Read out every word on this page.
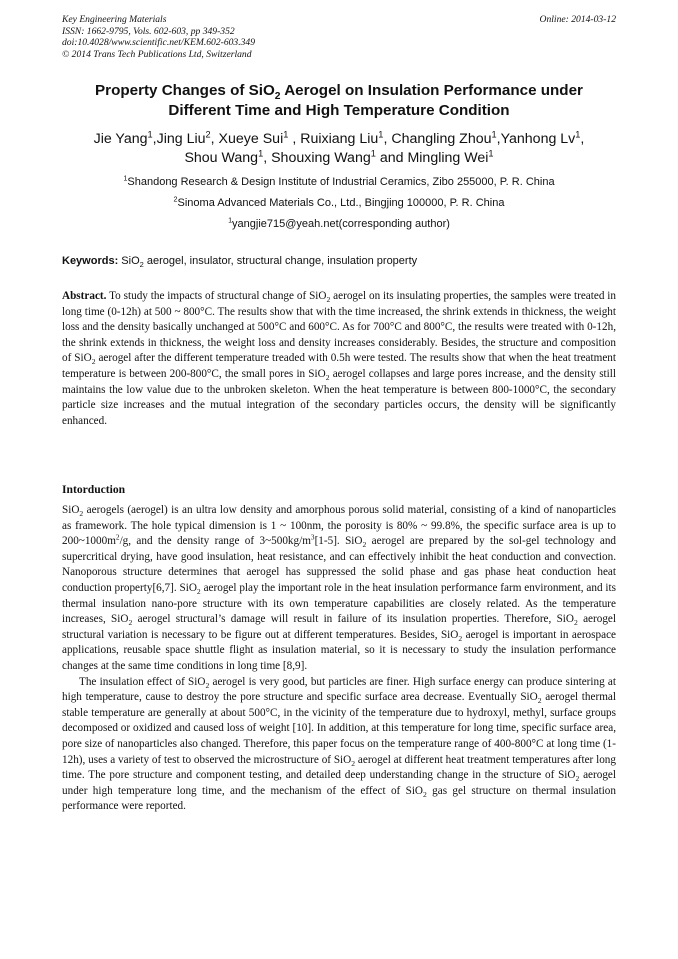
Key Engineering Materials
ISSN: 1662-9795, Vols. 602-603, pp 349-352
doi:10.4028/www.scientific.net/KEM.602-603.349
© 2014 Trans Tech Publications Ltd, Switzerland
Online: 2014-03-12
Property Changes of SiO$_2$ Aerogel on Insulation Performance under
Different Time and High Temperature Condition
Jie Yang$^1$,Jing Liu$^2$, Xueye Sui$^1$ , Ruixiang Liu$^1$, Changling Zhou$^1$,Yanhong Lv$^1$,
Shou Wang$^1$, Shouxing Wang$^1$ and Mingling Wei$^1$
$^1$Shandong Research & Design Institute of Industrial Ceramics, Zibo 255000, P. R. China
$^2$Sinoma Advanced Materials Co., Ltd., Bingjing 100000, P. R. China
$^1$yangjie715@yeah.net(corresponding author)
Keywords: SiO$_2$ aerogel, insulator, structural change, insulation property

Abstract. To study the impacts of structural change of SiO$_2$ aerogel on its insulating properties, the samples were treated in long time (0-12h) at 500 ~ 800°C. The results show that with the time increased, the shrink extends in thickness, the weight loss and the density basically unchanged at 500°C and 600°C. As for 700°C and 800°C, the results were treated with 0-12h, the shrink extends in thickness, the weight loss and density increases considerably. Besides, the structure and composition of SiO$_2$ aerogel after the different temperature treaded with 0.5h were tested. The results show that when the heat treatment temperature is between 200-800°C, the small pores in SiO$_2$ aerogel collapses and large pores increase, and the density still maintains the low value due to the unbroken skeleton. When the heat temperature is between 800-1000°C, the secondary particle size increases and the mutual integration of the secondary particles occurs, the density will be significantly enhanced.

Intorduction

SiO$_2$ aerogels (aerogel) is an ultra low density and amorphous porous solid material, consisting of a kind of nanoparticles as framework. The hole typical dimension is 1 ~ 100nm, the porosity is 80% ~ 99.8%, the specific surface area is up to $200\sim 1000m^2/g$, and the density range of $3\sim 500kg/m^3[1-5]$. SiO$_2$ aerogel are prepared by the sol-gel technology and supercritical drying, have good insulation, heat resistance, and can effectively inhibit the heat conduction and convection. Nanoporous structure determines that aerogel has suppressed the solid phase and gas phase heat conduction heat conduction property[6,7]. SiO$_2$ aerogel play the important role in the heat insulation performance farm environment, and its thermal insulation nano-pore structure with its own temperature capabilities are closely related. As the temperature increases, SiO$_2$ aerogel structural’s damage will result in failure of its insulation properties. Therefore, SiO$_2$ aerogel structural variation is necessary to be figure out at different temperatures. Besides, SiO$_2$ aerogel is important in aerospace applications, reusable space shuttle flight as insulation material, so it is necessary to study the insulation performance changes at the same time conditions in long time [8,9].

The insulation effect of SiO$_2$ aerogel is very good, but particles are finer. High surface energy can produce sintering at high temperature, cause to destroy the pore structure and specific surface area decrease. Eventually SiO$_2$ aerogel thermal stable temperature are generally at about 500°C, in the vicinity of the temperature due to hydroxyl, methyl, surface groups decomposed or oxidized and caused loss of weight [10]. In addition, at this temperature for long time, specific surface area, pore size of nanoparticles also changed. Therefore, this paper focus on the temperature range of 400-800°C at long time (1-12h), uses a variety of test to observed the microstructure of SiO$_2$ aerogel at different heat treatment temperatures after long time. The pore structure and component testing, and detailed deep understanding change in the structure of SiO$_2$ aerogel under high temperature long time, and the mechanism of the effect of SiO$_2$ gas gel structure on thermal insulation performance were reported.
